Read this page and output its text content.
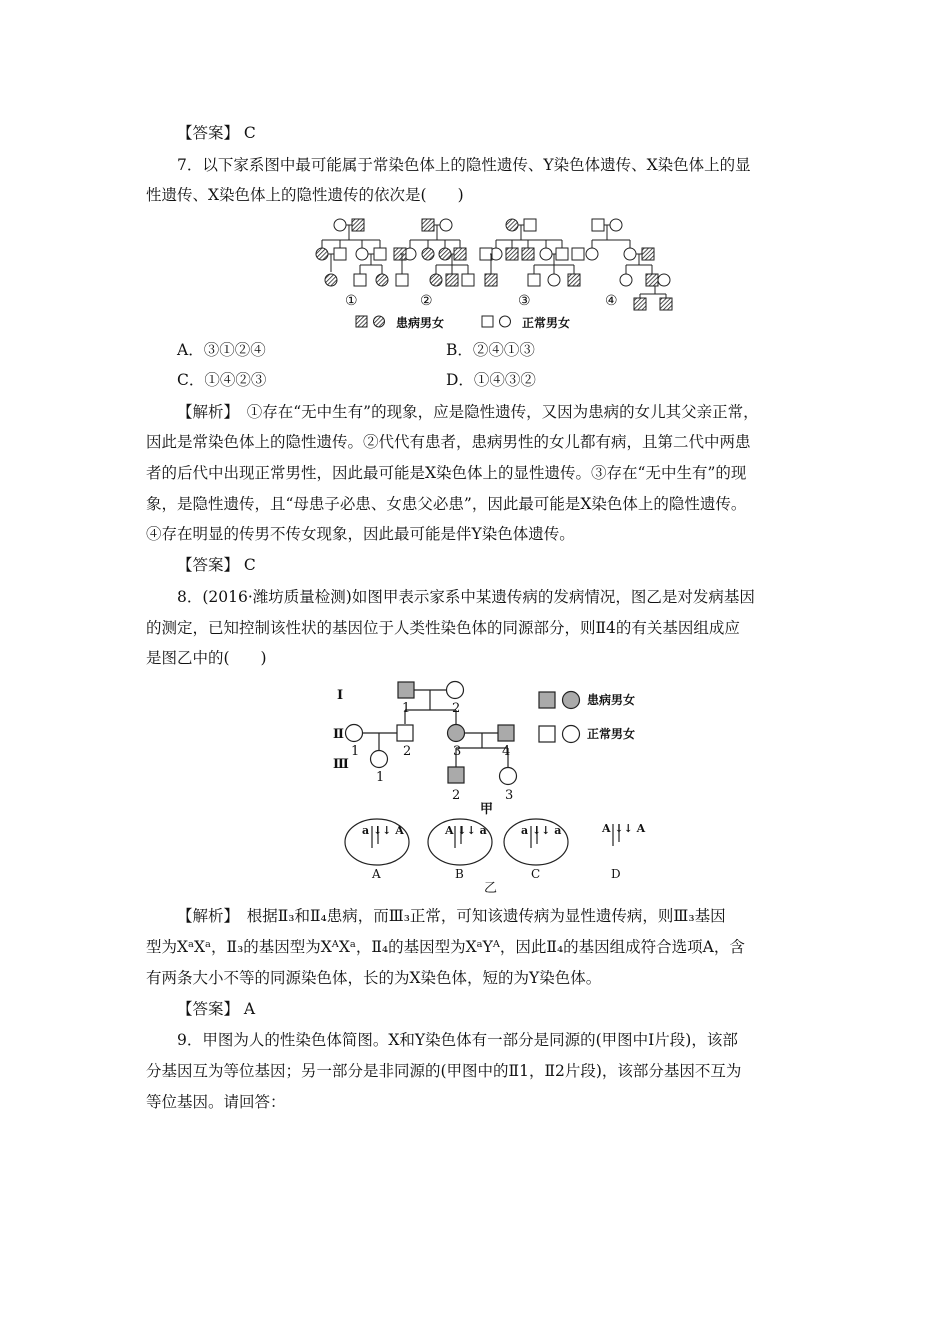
【答案】 C
7．以下家系图中最可能属于常染色体上的隐性遗传、Y染色体遗传、X染色体上的显
性遗传、X染色体上的隐性遗传的依次是(　　)
①	②	③	④
患病男女	正常男女
A．③①②④	B．②④①③
C．①④②③	D．①④③②
【解析】　①存在“无中生有”的现象，应是隐性遗传，又因为患病的女儿其父亲正常，
因此是常染色体上的隐性遗传。②代代有患者，患病男性的女儿都有病，且第二代中两患
者的后代中出现正常男性，因此最可能是X染色体上的显性遗传。③存在“无中生有”的现
象，是隐性遗传，且“母患子必患、女患父必患”，因此最可能是X染色体上的隐性遗传。
④存在明显的传男不传女现象，因此最可能是伴Y染色体遗传。
【答案】 C
8．(2016·潍坊质量检测)如图甲表示家系中某遗传病的发病情况，图乙是对发病基因
的测定，已知控制该性状的基因位于人类性染色体的同源部分，则Ⅱ4的有关基因组成应
是图乙中的(　　)
Ⅰ
Ⅱ
Ⅲ
1	2
1	2	3	4
1
2	3
甲
患病男女
正常男女
a ↓↓ A	A ↓↓ a	a ↓↓ a	A ↓↓ A
A	B	C	D
乙
【解析】　根据Ⅱ₃和Ⅱ₄患病，而Ⅲ₃正常，可知该遗传病为显性遗传病，则Ⅲ₃基因
型为XᵃXᵃ，Ⅱ₃的基因型为XᴬXᵃ，Ⅱ₄的基因型为XᵃYᴬ，因此Ⅱ₄的基因组成符合选项A，含
有两条大小不等的同源染色体，长的为X染色体，短的为Y染色体。
【答案】 A
9．甲图为人的性染色体简图。X和Y染色体有一部分是同源的(甲图中Ⅰ片段)，该部
分基因互为等位基因；另一部分是非同源的(甲图中的Ⅱ1，Ⅱ2片段)，该部分基因不互为
等位基因。请回答：
